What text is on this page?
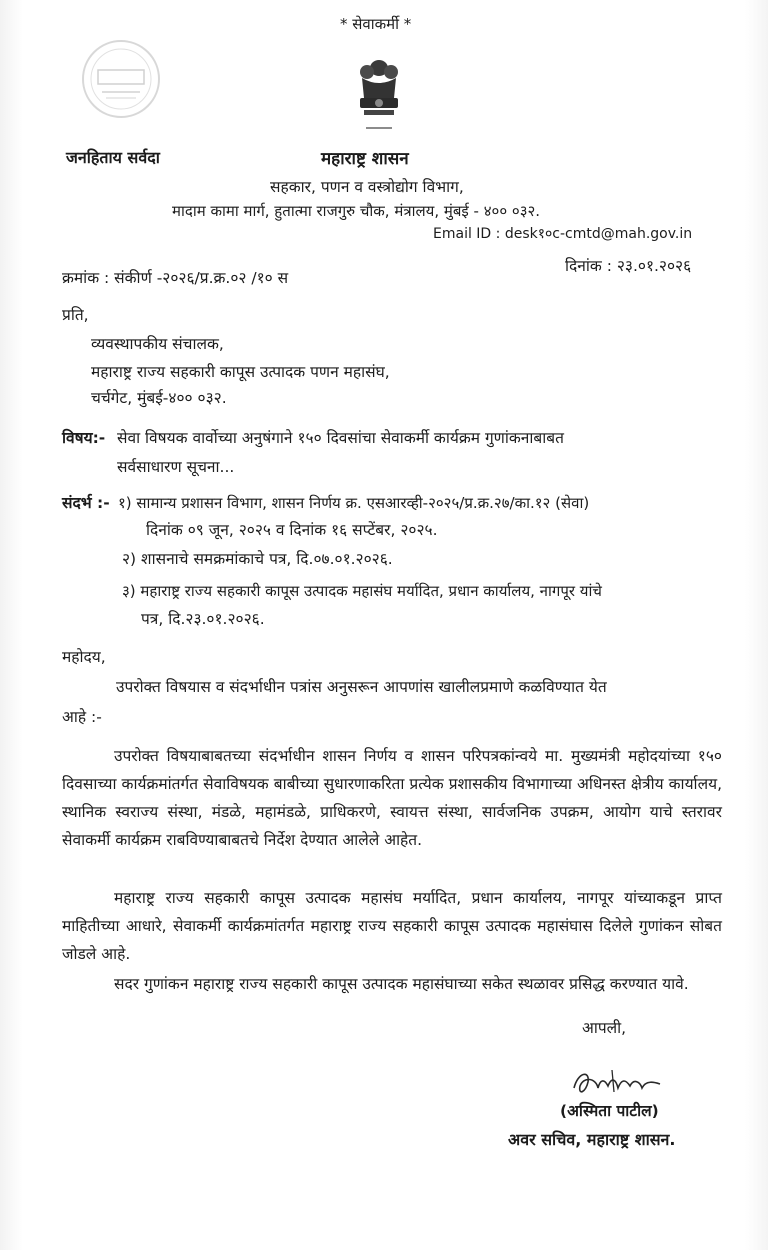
* सेवाकर्मी *
जनहिताय सर्वदा	महाराष्ट्र शासन
सहकार, पणन व वस्त्रोद्योग विभाग,
मादाम कामा मार्ग, हुतात्मा राजगुरु चौक, मंत्रालय, मुंबई - ४०० ०३२.
Email ID : desk१०c-cmtd@mah.gov.in
क्रमांक : संकीर्ण -२०२६/प्र.क्र.०२ /१० स
दिनांक : २३.०१.२०२६
प्रति,
व्यवस्थापकीय संचालक,
महाराष्ट्र राज्य सहकारी कापूस उत्पादक पणन महासंघ,
चर्चगेट, मुंबई-४०० ०३२.
विषय:- सेवा विषयक वार्वोच्या अनुषंगाने १५० दिवसांचा सेवाकर्मी कार्यक्रम गुणांकनाबाबत
सर्वसाधारण सूचना...
संदर्भ :- १) सामान्य प्रशासन विभाग, शासन निर्णय क्र. एसआरव्ही-२०२५/प्र.क्र.२७/का.१२ (सेवा)
दिनांक ०९ जून, २०२५ व दिनांक १६ सप्टेंबर, २०२५.
२) शासनाचे समक्रमांकाचे पत्र, दि.०७.०१.२०२६.
३) महाराष्ट्र राज्य सहकारी कापूस उत्पादक महासंघ मर्यादित, प्रधान कार्यालय, नागपूर यांचे
पत्र, दि.२३.०१.२०२६.
महोदय,
उपरोक्त विषयास व संदर्भाधीन पत्रांस अनुसरून आपणांस खालीलप्रमाणे कळविण्यात येत
आहे :-
उपरोक्त विषयाबाबतच्या संदर्भाधीन शासन निर्णय व शासन परिपत्रकांन्वये मा. मुख्यमंत्री महोदयांच्या १५० दिवसाच्या कार्यक्रमांतर्गत सेवाविषयक बाबीच्या सुधारणाकरिता प्रत्येक प्रशासकीय विभागाच्या अधिनस्त क्षेत्रीय कार्यालय, स्थानिक स्वराज्य संस्था, मंडळे, महामंडळे, प्राधिकरणे, स्वायत्त संस्था, सार्वजनिक उपक्रम, आयोग याचे स्तरावर सेवाकर्मी कार्यक्रम राबविण्याबाबतचे निर्देश देण्यात आलेले आहेत.
महाराष्ट्र राज्य सहकारी कापूस उत्पादक महासंघ मर्यादित, प्रधान कार्यालय, नागपूर यांच्याकडून प्राप्त माहितीच्या आधारे, सेवाकर्मी कार्यक्रमांतर्गत महाराष्ट्र राज्य सहकारी कापूस उत्पादक महासंघास दिलेले गुणांकन सोबत जोडले आहे.
सदर गुणांकन महाराष्ट्र राज्य सहकारी कापूस उत्पादक महासंघाच्या सकेत स्थळावर प्रसिद्ध करण्यात यावे.
आपली,
(अस्मिता पाटील)
अवर सचिव, महाराष्ट्र शासन.
